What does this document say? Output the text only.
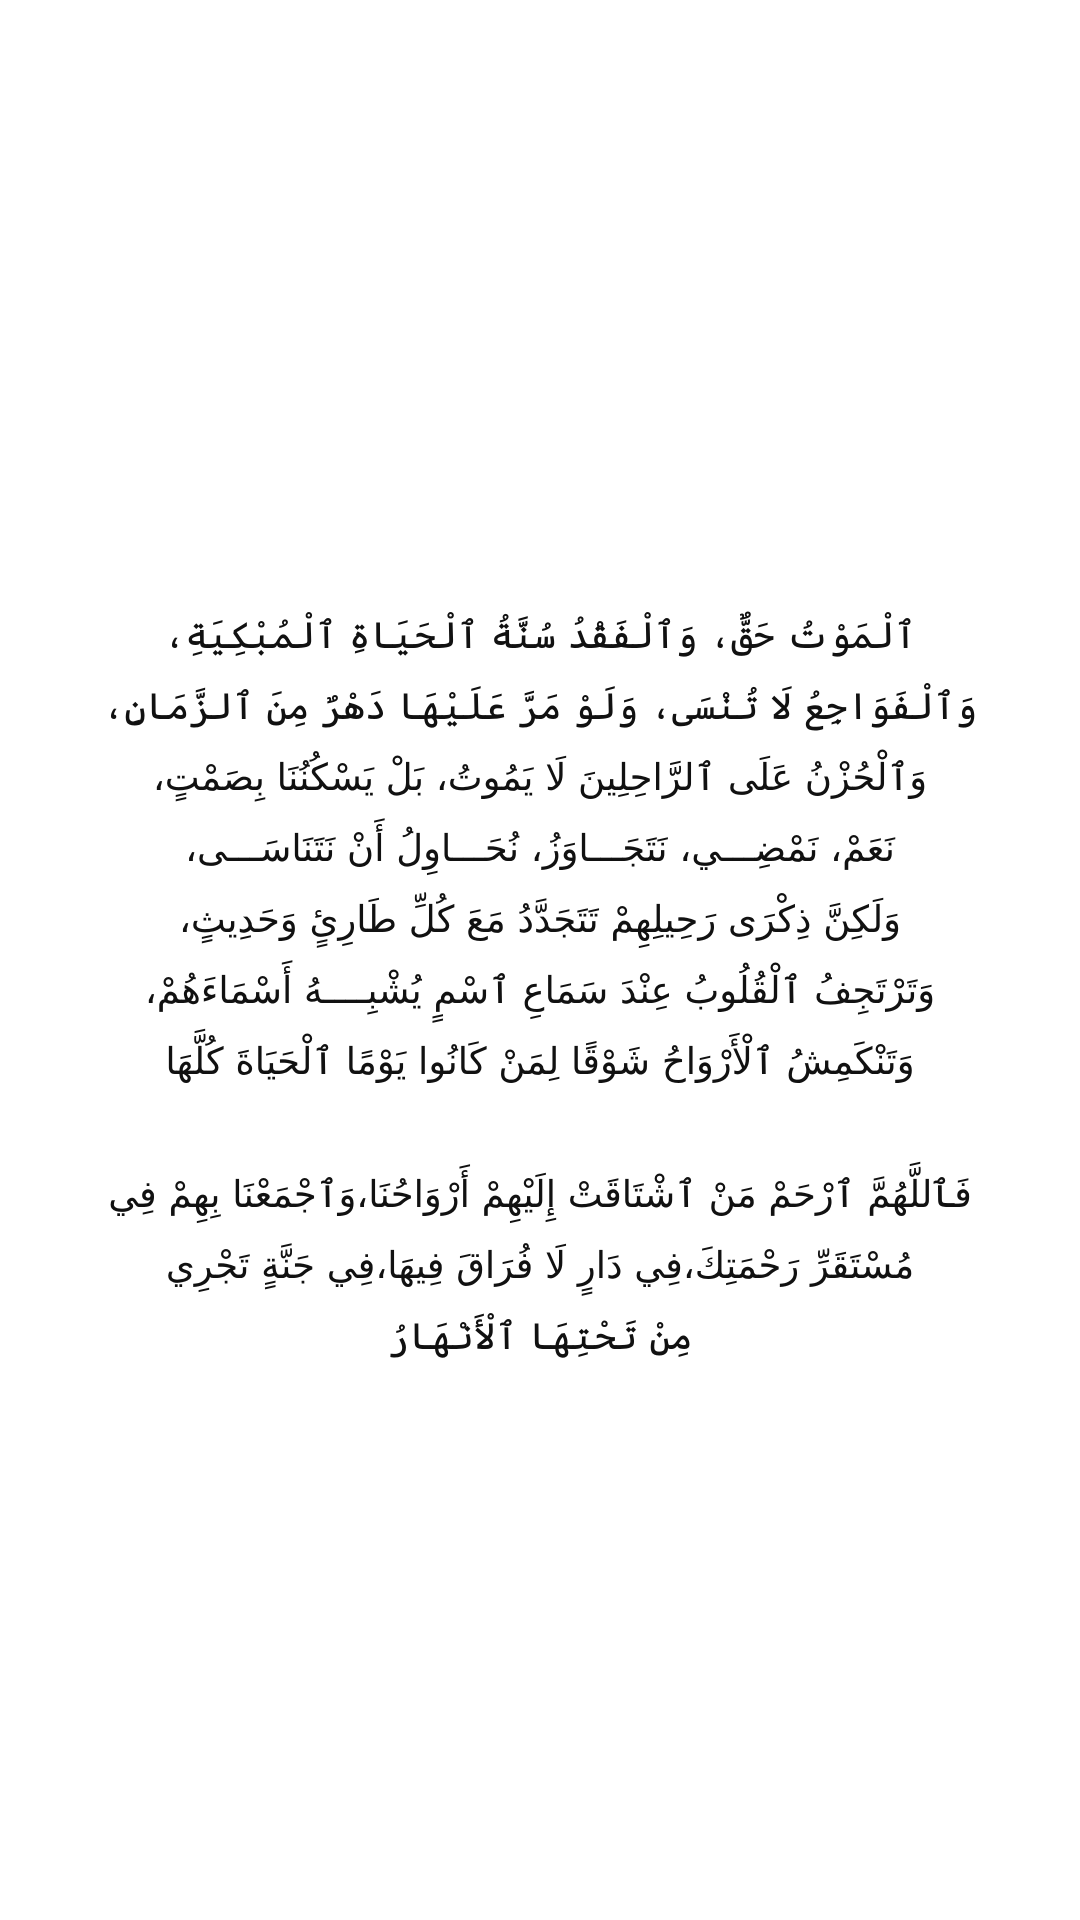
ٱلْمَوْتُ حَقٌّ، وَٱلْفَقْدُ سُنَّةُ ٱلْحَيَاةِ ٱلْمُبْكِيَةِ،
وَٱلْفَوَاجِعُ لَا تُنْسَى، وَلَوْ مَرَّ عَلَيْهَا دَهْرٌ مِنَ ٱلزَّمَانِ،
وَٱلْحُزْنُ عَلَى ٱلرَّاحِلِينَ لَا يَمُوتُ، بَلْ يَسْكُنُنَا بِصَمْتٍ،
نَعَمْ، نَمْضِـــي، نَتَجَـــاوَزُ، نُحَـــاوِلُ أَنْ نَتَنَاسَـــى،
وَلَكِنَّ ذِكْرَى رَحِيلِهِمْ تَتَجَدَّدُ مَعَ كُلِّ طَارِئٍ وَحَدِيثٍ،
وَتَرْتَجِفُ ٱلْقُلُوبُ عِنْدَ سَمَاعِ ٱسْمٍ يُشْبِــــهُ أَسْمَاءَهُمْ،
وَتَنْكَمِشُ ٱلْأَرْوَاحُ شَوْقًا لِمَنْ كَانُوا يَوْمًا ٱلْحَيَاةَ كُلَّهَا
فَٱللَّهُمَّ ٱرْحَمْ مَنْ ٱشْتَاقَتْ إِلَيْهِمْ أَرْوَاحُنَا،وَٱجْمَعْنَا بِهِمْ فِي
مُسْتَقَرِّ رَحْمَتِكَ،فِي دَارٍ لَا فُرَاقَ فِيهَا،فِي جَنَّةٍ تَجْرِي
مِنْ تَحْتِهَا ٱلْأَنْهَارُ
